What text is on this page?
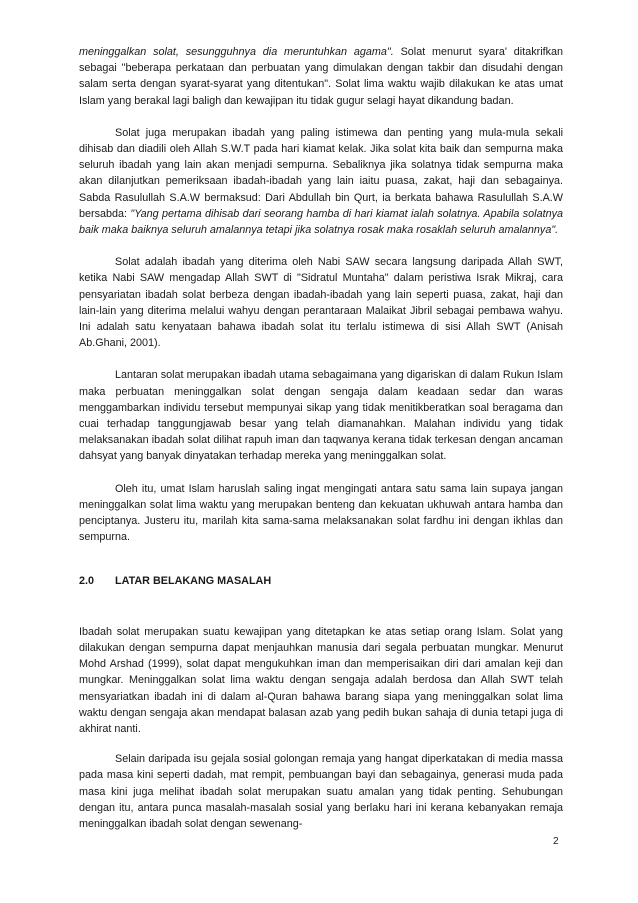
meninggalkan solat, sesungguhnya dia meruntuhkan agama". Solat menurut syara' ditakrifkan sebagai "beberapa perkataan dan perbuatan yang dimulakan dengan takbir dan disudahi dengan salam serta dengan syarat-syarat yang ditentukan". Solat lima waktu wajib dilakukan ke atas umat Islam yang berakal lagi baligh dan kewajipan itu tidak gugur selagi hayat dikandung badan.

Solat juga merupakan ibadah yang paling istimewa dan penting yang mula-mula sekali dihisab dan diadili oleh Allah S.W.T pada hari kiamat kelak. Jika solat kita baik dan sempurna maka seluruh ibadah yang lain akan menjadi sempurna. Sebaliknya jika solatnya tidak sempurna maka akan dilanjutkan pemeriksaan ibadah-ibadah yang lain iaitu puasa, zakat, haji dan sebagainya. Sabda Rasulullah S.A.W bermaksud: Dari Abdullah bin Qurt, ia berkata bahawa Rasulullah S.A.W bersabda: "Yang pertama dihisab dari seorang hamba di hari kiamat ialah solatnya. Apabila solatnya baik maka baiknya seluruh amalannya tetapi jika solatnya rosak maka rosaklah seluruh amalannya".

Solat adalah ibadah yang diterima oleh Nabi SAW secara langsung daripada Allah SWT, ketika Nabi SAW mengadap Allah SWT di "Sidratul Muntaha" dalam peristiwa Israk Mikraj, cara pensyariatan ibadah solat berbeza dengan ibadah-ibadah yang lain seperti puasa, zakat, haji dan lain-lain yang diterima melalui wahyu dengan perantaraan Malaikat Jibril sebagai pembawa wahyu. Ini adalah satu kenyataan bahawa ibadah solat itu terlalu istimewa di sisi Allah SWT (Anisah Ab.Ghani, 2001).

Lantaran solat merupakan ibadah utama sebagaimana yang digariskan di dalam Rukun Islam maka perbuatan meninggalkan solat dengan sengaja dalam keadaan sedar dan waras menggambarkan individu tersebut mempunyai sikap yang tidak menitikberatkan soal beragama dan cuai terhadap tanggungjawab besar yang telah diamanahkan. Malahan individu yang tidak melaksanakan ibadah solat dilihat rapuh iman dan taqwanya kerana tidak terkesan dengan ancaman dahsyat yang banyak dinyatakan terhadap mereka yang meninggalkan solat.

Oleh itu, umat Islam haruslah saling ingat mengingati antara satu sama lain supaya jangan meninggalkan solat lima waktu yang merupakan benteng dan kekuatan ukhuwah antara hamba dan penciptanya. Justeru itu, marilah kita sama-sama melaksanakan solat fardhu ini dengan ikhlas dan sempurna.

2.0	LATAR BELAKANG MASALAH

Ibadah solat merupakan suatu kewajipan yang ditetapkan ke atas setiap orang Islam. Solat yang dilakukan dengan sempurna dapat menjauhkan manusia dari segala perbuatan mungkar. Menurut Mohd Arshad (1999), solat dapat mengukuhkan iman dan memperisaikan diri dari amalan keji dan mungkar. Meninggalkan solat lima waktu dengan sengaja adalah berdosa dan Allah SWT telah mensyariatkan ibadah ini di dalam al-Quran bahawa barang siapa yang meninggalkan solat lima waktu dengan sengaja akan mendapat balasan azab yang pedih bukan sahaja di dunia tetapi juga di akhirat nanti.

Selain daripada isu gejala sosial golongan remaja yang hangat diperkatakan di media massa pada masa kini seperti dadah, mat rempit, pembuangan bayi dan sebagainya, generasi muda pada masa kini juga melihat ibadah solat merupakan suatu amalan yang tidak penting. Sehubungan dengan itu, antara punca masalah-masalah sosial yang berlaku hari ini kerana kebanyakan remaja meninggalkan ibadah solat dengan sewenang-

2
